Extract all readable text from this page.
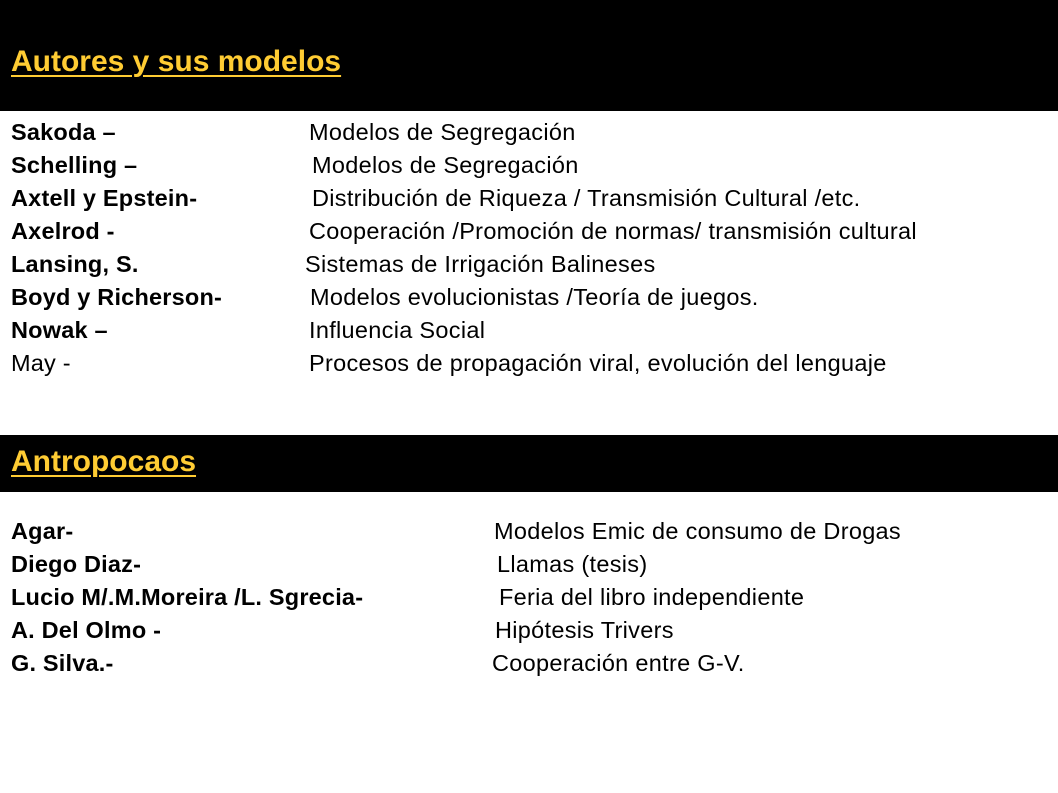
Autores y sus modelos
Sakoda –	Modelos de Segregación
Schelling –	Modelos de Segregación
Axtell y Epstein-	Distribución de Riqueza / Transmisión Cultural /etc.
Axelrod -	Cooperación /Promoción de normas/ transmisión cultural
Lansing, S.	Sistemas de Irrigación Balineses
Boyd y Richerson-	Modelos evolucionistas /Teoría de juegos.
Nowak –	Influencia Social
May -	Procesos de propagación viral, evolución del lenguaje
Antropocaos
Agar-	Modelos Emic de consumo de Drogas
Diego Diaz-	Llamas (tesis)
Lucio M/.M.Moreira /L. Sgrecia-	Feria del libro independiente
A. Del Olmo -	Hipótesis Trivers
G. Silva.-	Cooperación entre G-V.
